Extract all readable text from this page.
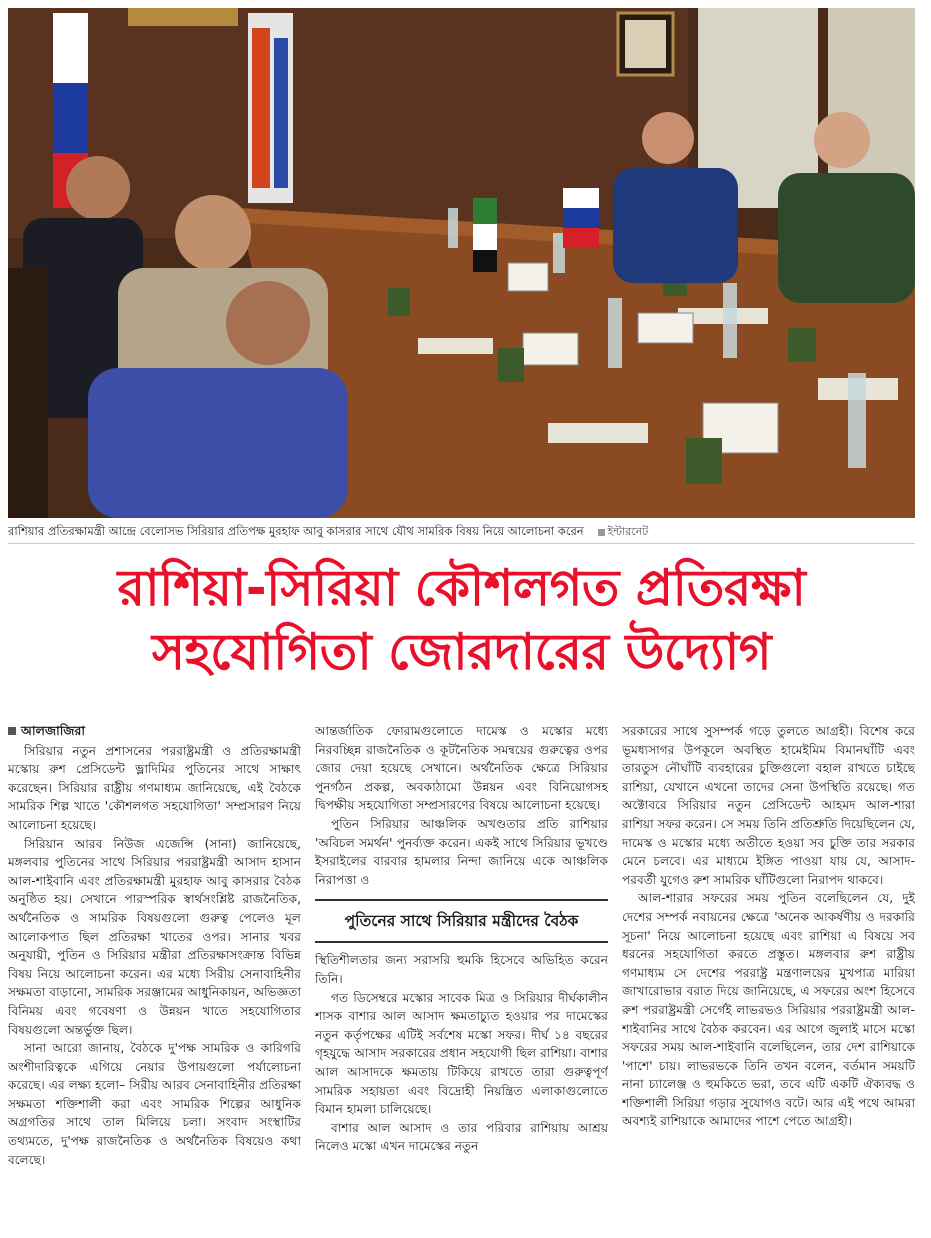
রাশিয়ার প্রতিরক্ষামন্ত্রী আন্দ্রে বেলোসভ সিরিয়ার প্রতিপক্ষ মুরহাফ আবু কাসরার সাথে যৌথ সামরিক বিষয় নিয়ে আলোচনা করেন ইন্টারনেট
রাশিয়া-সিরিয়া কৌশলগত প্রতিরক্ষা
সহযোগিতা জোরদারের উদ্যোগ
আলজাজিরা

সিরিয়ার নতুন প্রশাসনের পররাষ্ট্রমন্ত্রী ও প্রতিরক্ষামন্ত্রী মস্কোয় রুশ প্রেসিডেন্ট ভ্লাদিমির পুতিনের সাথে সাক্ষাৎ করেছেন। সিরিয়ার রাষ্ট্রীয় গণমাধ্যম জানিয়েছে, এই বৈঠকে সামরিক শিল্প খাতে 'কৌশলগত সহযোগিতা' সম্প্রসারণ নিয়ে আলোচনা হয়েছে।

সিরিয়ান আরব নিউজ এজেন্সি (সানা) জানিয়েছে, মঙ্গলবার পুতিনের সাথে সিরিয়ার পররাষ্ট্রমন্ত্রী আসাদ হাসান আল-শাইবানি এবং প্রতিরক্ষামন্ত্রী মুরহাফ আবু কাসরার বৈঠক অনুষ্ঠিত হয়। সেখানে পারস্পরিক স্বার্থসংশ্লিষ্ট রাজনৈতিক, অর্থনৈতিক ও সামরিক বিষয়গুলো গুরুত্ব পেলেও মূল আলোকপাত ছিল প্রতিরক্ষা খাতের ওপর। সানার খবর অনুযায়ী, পুতিন ও সিরিয়ার মন্ত্রীরা প্রতিরক্ষাসংক্রান্ত বিভিন্ন বিষয় নিয়ে আলোচনা করেন। এর মধ্যে সিরীয় সেনাবাহিনীর সক্ষমতা বাড়ানো, সামরিক সরঞ্জামের আধুনিকায়ন, অভিজ্ঞতা বিনিময় এবং গবেষণা ও উন্নয়ন খাতে সহযোগিতার বিষয়গুলো অন্তর্ভুক্ত ছিল।

সানা আরো জানায়, বৈঠকে দু'পক্ষ সামরিক ও কারিগরি অংশীদারিত্বকে এগিয়ে নেয়ার উপায়গুলো পর্যালোচনা করেছে। এর লক্ষ্য হলো– সিরীয় আরব সেনাবাহিনীর প্রতিরক্ষা সক্ষমতা শক্তিশালী করা এবং সামরিক শিল্পের আধুনিক অগ্রগতির সাথে তাল মিলিয়ে চলা। সংবাদ সংস্থাটির তথ্যমতে, দু'পক্ষ রাজনৈতিক ও অর্থনৈতিক বিষয়েও কথা বলেছে।

আন্তর্জাতিক ফোরামগুলোতে দামেস্ক ও মস্কোর মধ্যে নিরবচ্ছিন্ন রাজনৈতিক ও কূটনৈতিক সমন্বয়ের গুরুত্বের ওপর জোর দেয়া হয়েছে সেখানে। অর্থনৈতিক ক্ষেত্রে সিরিয়ার পুনর্গঠন প্রকল্প, অবকাঠামো উন্নয়ন এবং বিনিয়োগসহ দ্বিপক্ষীয় সহযোগিতা সম্প্রসারণের বিষয়ে আলোচনা হয়েছে।

পুতিন সিরিয়ার আঞ্চলিক অখণ্ডতার প্রতি রাশিয়ার 'অবিচল সমর্থন' পুনর্ব্যক্ত করেন। একই সাথে সিরিয়ার ভূখণ্ডে ইসরাইলের বারবার হামলার নিন্দা জানিয়ে একে আঞ্চলিক নিরাপত্তা ও

পুতিনের সাথে সিরিয়ার মন্ত্রীদের বৈঠক

স্থিতিশীলতার জন্য সরাসরি হুমকি হিসেবে অভিহিত করেন তিনি।

গত ডিসেম্বরে মস্কোর সাবেক মিত্র ও সিরিয়ার দীর্ঘকালীন শাসক বাশার আল আসাদ ক্ষমতাচ্যুত হওয়ার পর দামেস্কের নতুন কর্তৃপক্ষের এটিই সর্বশেষ মস্কো সফর। দীর্ঘ ১৪ বছরের গৃহযুদ্ধে আসাদ সরকারের প্রধান সহযোগী ছিল রাশিয়া। বাশার আল আসাদকে ক্ষমতায় টিকিয়ে রাখতে তারা গুরুত্বপূর্ণ সামরিক সহায়তা এবং বিদ্রোহী নিয়ন্ত্রিত এলাকাগুলোতে বিমান হামলা চালিয়েছে।

বাশার আল আসাদ ও তার পরিবার রাশিয়ায় আশ্রয় নিলেও মস্কো এখন দামেস্কের নতুন

সরকারের সাথে সুসম্পর্ক গড়ে তুলতে আগ্রহী। বিশেষ করে ভূমধ্যসাগর উপকূলে অবস্থিত হামেইমিম বিমানঘাঁটি এবং তারতুস নৌঘাঁটি ব্যবহারের চুক্তিগুলো বহাল রাখতে চাইছে রাশিয়া, যেখানে এখনো তাদের সেনা উপস্থিতি রয়েছে। গত অক্টোবরে সিরিয়ার নতুন প্রেসিডেন্ট আহমদ আল-শারা রাশিয়া সফর করেন। সে সময় তিনি প্রতিশ্রুতি দিয়েছিলেন যে, দামেস্ক ও মস্কোর মধ্যে অতীতে হওয়া সব চুক্তি তার সরকার মেনে চলবে। এর মাধ্যমে ইঙ্গিত পাওয়া যায় যে, আসাদ-পরবর্তী যুগেও রুশ সামরিক ঘাঁটিগুলো নিরাপদ থাকবে।

আল-শারার সফরের সময় পুতিন বলেছিলেন যে, দুই দেশের সম্পর্ক নবায়নের ক্ষেত্রে 'অনেক আকর্ষণীয় ও দরকারি সূচনা' নিয়ে আলোচনা হয়েছে এবং রাশিয়া এ বিষয়ে সব ধরনের সহযোগিতা করতে প্রস্তুত। মঙ্গলবার রুশ রাষ্ট্রীয় গণমাধ্যম সে দেশের পররাষ্ট্র মন্ত্রণালয়ের মুখপাত্র মারিয়া জাখারোভার বরাত দিয়ে জানিয়েছে, এ সফরের অংশ হিসেবে রুশ পররাষ্ট্রমন্ত্রী সের্গেই লাভরভও সিরিয়ার পররাষ্ট্রমন্ত্রী আল-শাইবানির সাথে বৈঠক করবেন। এর আগে জুলাই মাসে মস্কো সফরের সময় আল-শাইবানি বলেছিলেন, তার দেশ রাশিয়াকে 'পাশে' চায়। লাভরভকে তিনি তখন বলেন, বর্তমান সময়টি নানা চ্যালেঞ্জ ও হুমকিতে ভরা, তবে এটি একটি ঐক্যবদ্ধ ও শক্তিশালী সিরিয়া গড়ার সুযোগও বটে। আর এই পথে আমরা অবশ্যই রাশিয়াকে আমাদের পাশে পেতে আগ্রহী।
